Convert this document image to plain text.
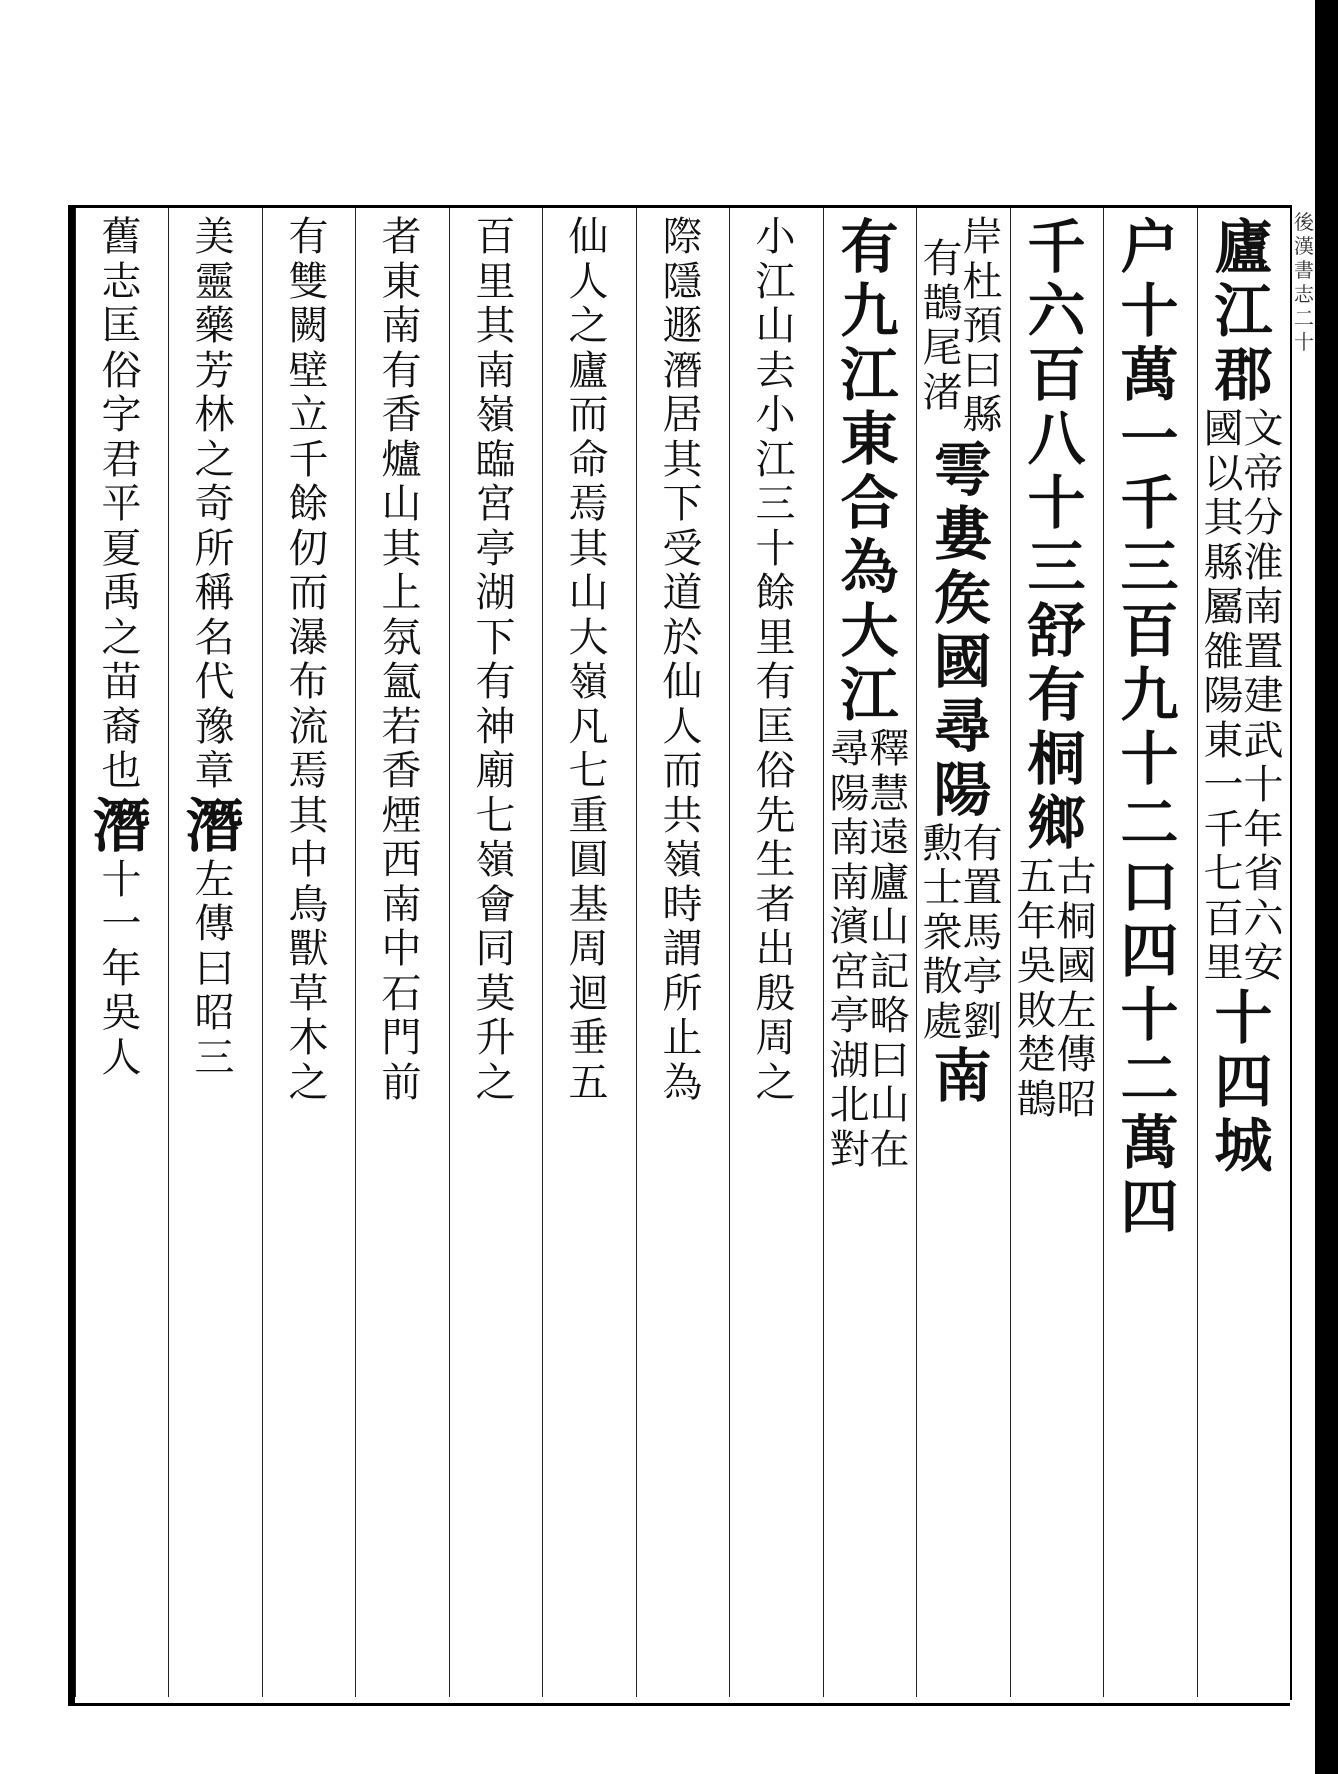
後
漢
書
志
二
十
廬
江
郡
國
以
其
縣
屬
雒
陽
東
一
千
七
百
里
文
帝
分
淮
南
置
建
武
十
年
省
六
安
十
四
城
户
十
萬
一
千
三
百
九
十
二
口
四
十
二
萬
四
千
六
百
八
十
三
舒
有
桐
鄉
五
年
吳
敗
楚
鵲
古
桐
國
左
傳
昭
有
鵲
尾
渚
岸
杜
預
曰
縣
雩
婁
矦
國
尋
陽
勲
士
衆
散
處
有
置
馬
亭
劉
南
有
九
江
東
合
為
大
江
尋
陽
南
南
濱
宮
亭
湖
北
對
釋
慧
遠
廬
山
記
略
曰
山
在
小
江
山
去
小
江
三
十
餘
里
有
匡
俗
先
生
者
出
殷
周
之
際
隱
遯
潛
居
其
下
受
道
於
仙
人
而
共
嶺
時
謂
所
止
為
仙
人
之
廬
而
命
焉
其
山
大
嶺
凡
七
重
圓
基
周
迴
垂
五
百
里
其
南
嶺
臨
宮
亭
湖
下
有
神
廟
七
嶺
會
同
莫
升
之
者
東
南
有
香
爐
山
其
上
氛
氳
若
香
煙
西
南
中
石
門
前
有
雙
闕
壁
立
千
餘
仞
而
瀑
布
流
焉
其
中
鳥
獸
草
木
之
美
靈
藥
芳
林
之
奇
所
稱
名
代
豫
章
潛
左
傳
曰
昭
三
舊
志
匡
俗
字
君
平
夏
禹
之
苗
裔
也
潛
十
一
年
吳
人
